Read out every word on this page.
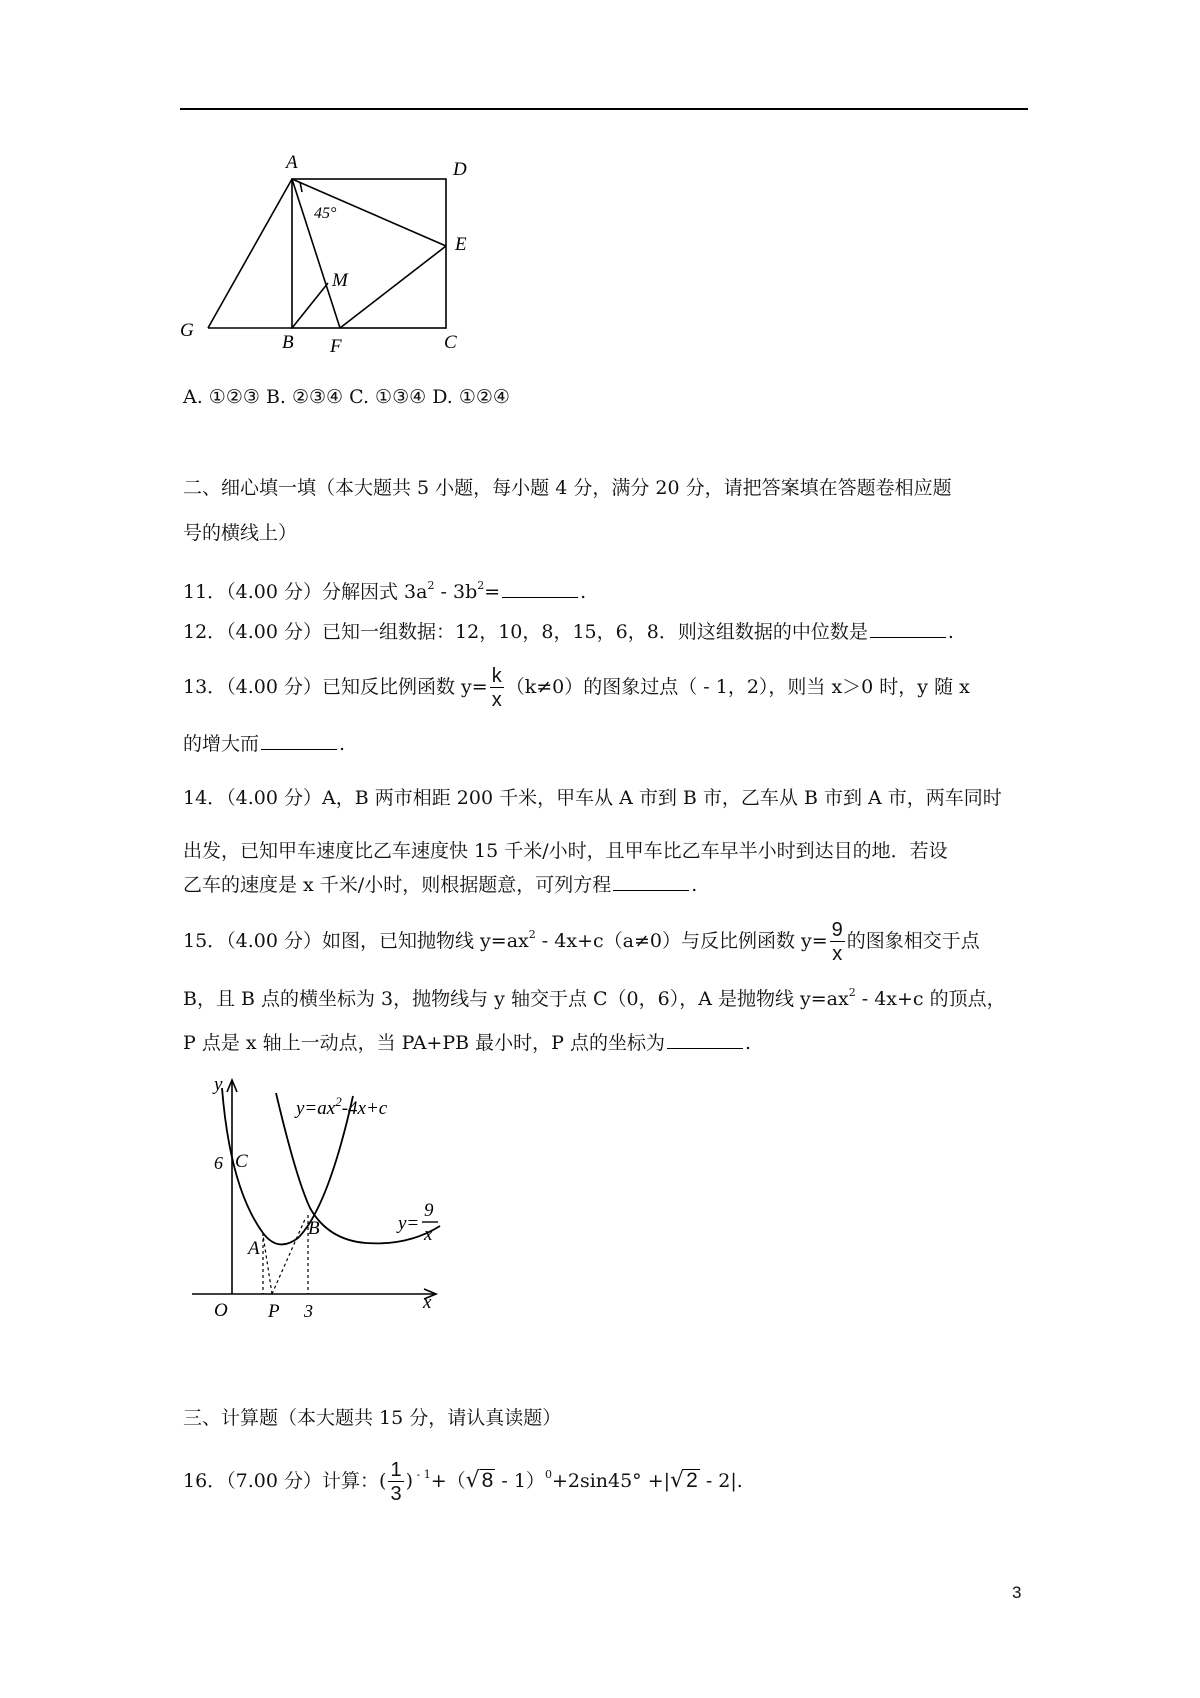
A	D
E
M
G
B F	C
45°
A. ①②③ B. ②③④ C. ①③④ D. ①②④
二、细心填一填（本大题共 5 小题，每小题 4 分，满分 20 分，请把答案填在答题卷相应题
号的横线上）
11．（4.00 分）分解因式 $3a^2 - 3b^2=$	.
12．（4.00 分）已知一组数据：12，10，8，15，6，8．则这组数据的中位数是	.
13．（4.00 分）已知反比例函数 $y= \frac{k}{x} (k\ne 0)$的图象过点（ - 1，2），则当 x＞0 时，y 随 x
的增大而	.
14．（4.00 分）A，B 两市相距 200 千米，甲车从 A 市到 B 市，乙车从 B 市到 A 市，两车同时
出发，已知甲车速度比乙车速度快 15 千米/小时，且甲车比乙车早半小时到达目的地．若设
乙车的速度是 x 千米/小时，则根据题意，可列方程	.
15．（4.00 分）如图，已知抛物线 $y=ax^2 - 4x+c(a\ne 0)$与反比例函数 $y= \frac{9}{x}$ 的图象相交于点
B，且 B 点的横坐标为 3，抛物线与 y 轴交于点 C（0，6），A 是抛物线 $y=ax^2 - 4x+c$ 的顶点，
P 点是 x 轴上一动点，当 PA+PB 最小时，P 点的坐标为	.
y
x
O
6 C
A
B
P 3
$y=ax^2-4x+c$
y=
9
x
三、计算题（本大题共 15 分，请认真读题）
16．（7.00 分）计算：( $\frac{1}{3}$ ) $^{- 1}$+（√8 - 1）$^0$+2sin45° +|√2 - 2|.
3
